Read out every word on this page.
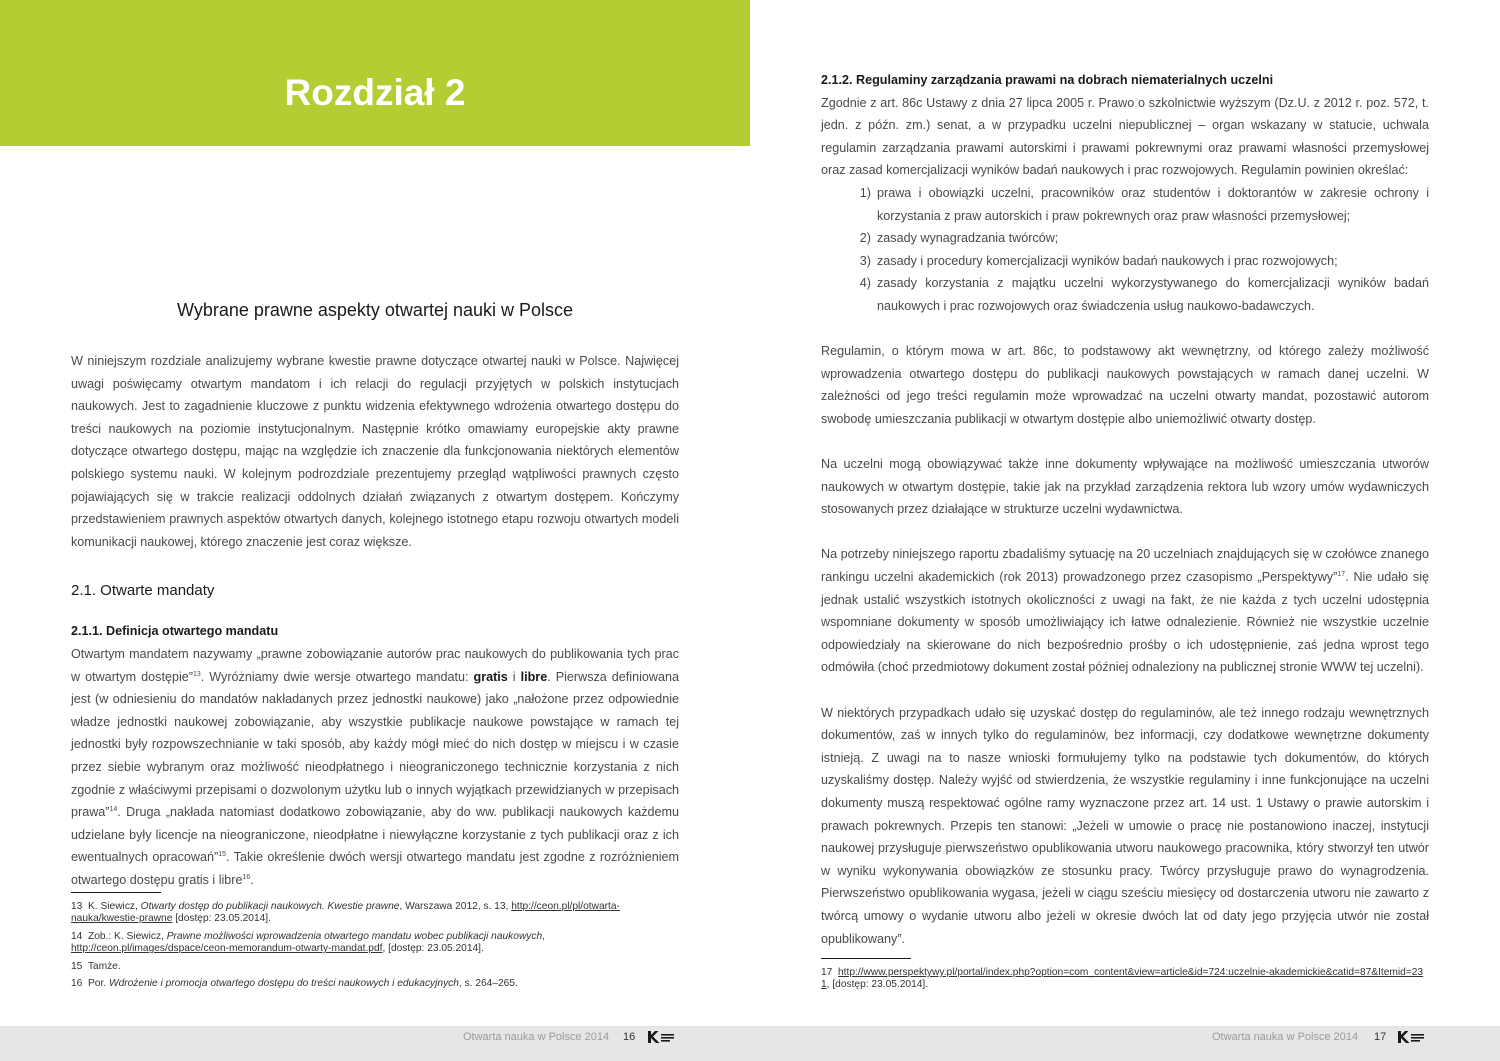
Rozdział 2
Wybrane prawne aspekty otwartej nauki w Polsce

W niniejszym rozdziale analizujemy wybrane kwestie prawne dotyczące otwartej nauki w Polsce. Najwięcej uwagi poświęcamy otwartym mandatom i ich relacji do regulacji przyjętych w polskich instytucjach naukowych. Jest to zagadnienie kluczowe z punktu widzenia efektywnego wdrożenia otwartego dostępu do treści naukowych na poziomie instytucjonalnym. Następnie krótko omawiamy europejskie akty prawne dotyczące otwartego dostępu, mając na względzie ich znaczenie dla funkcjonowania niektórych elementów polskiego systemu nauki. W kolejnym podrozdziale prezentujemy przegląd wątpliwości prawnych często pojawiających się w trakcie realizacji oddolnych działań związanych z otwartym dostępem. Kończymy przedstawieniem prawnych aspektów otwartych danych, kolejnego istotnego etapu rozwoju otwartych modeli komunikacji naukowej, którego znaczenie jest coraz większe.

2.1. Otwarte mandaty
2.1.1. Definicja otwartego mandatu

Otwartym mandatem nazywamy „prawne zobowiązanie autorów prac naukowych do publikowania tych prac w otwartym dostępie”$^{13}$. Wyróżniamy dwie wersje otwartego mandatu: gratis i libre. Pierwsza definiowana jest (w odniesieniu do mandatów nakładanych przez jednostki naukowe) jako „nałożone przez odpowiednie władze jednostki naukowej zobowiązanie, aby wszystkie publikacje naukowe powstające w ramach tej jednostki były rozpowszechnianie w taki sposób, aby każdy mógł mieć do nich dostęp w miejscu i w czasie przez siebie wybranym oraz możliwość nieodpłatnego i nieograniczonego technicznie korzystania z nich zgodnie z właściwymi przepisami o dozwolonym użytku lub o innych wyjątkach przewidzianych w przepisach prawa”$^{14}$. Druga „nakłada natomiast dodatkowo zobowiązanie, aby do ww. publikacji naukowych każdemu udzielane były licencje na nieograniczone, nieodpłatne i niewyłączne korzystanie z tych publikacji oraz z ich ewentualnych opracowań”$^{15}$. Takie określenie dwóch wersji otwartego mandatu jest zgodne z rozróżnieniem otwartego dostępu gratis i libre$^{16}$.

13 K. Siewicz, Otwarty dostęp do publikacji naukowych. Kwestie prawne, Warszawa 2012, s. 13, http://ceon.pl/pl/otwarta-nauka/kwestie-prawne [dostęp: 23.05.2014].
14 Zob.: K. Siewicz, Prawne możliwości wprowadzenia otwartego mandatu wobec publikacji naukowych, http://ceon.pl/images/dspace/ceon-memorandum-otwarty-mandat.pdf, [dostęp: 23.05.2014].
15 Tamże.
16 Por. Wdrożenie i promocja otwartego dostępu do treści naukowych i edukacyjnych, s. 264–265.
Otwarta nauka w Polsce 2014 16
2.1.2. Regulaminy zarządzania prawami na dobrach niematerialnych uczelni

Zgodnie z art. 86c Ustawy z dnia 27 lipca 2005 r. Prawo o szkolnictwie wyższym (Dz.U. z 2012 r. poz. 572, t. jedn. z późn. zm.) senat, a w przypadku uczelni niepublicznej – organ wskazany w statucie, uchwala regulamin zarządzania prawami autorskimi i prawami pokrewnymi oraz prawami własności przemysłowej oraz zasad komercjalizacji wyników badań naukowych i prac rozwojowych. Regulamin powinien określać:

1) prawa i obowiązki uczelni, pracowników oraz studentów i doktorantów w zakresie ochrony i korzystania z praw autorskich i praw pokrewnych oraz praw własności przemysłowej;
2) zasady wynagradzania twórców;
3) zasady i procedury komercjalizacji wyników badań naukowych i prac rozwojowych;
4) zasady korzystania z majątku uczelni wykorzystywanego do komercjalizacji wyników badań naukowych i prac rozwojowych oraz świadczenia usług naukowo-badawczych.

Regulamin, o którym mowa w art. 86c, to podstawowy akt wewnętrzny, od którego zależy możliwość wprowadzenia otwartego dostępu do publikacji naukowych powstających w ramach danej uczelni. W zależności od jego treści regulamin może wprowadzać na uczelni otwarty mandat, pozostawić autorom swobodę umieszczania publikacji w otwartym dostępie albo uniemożliwić otwarty dostęp.

Na uczelni mogą obowiązywać także inne dokumenty wpływające na możliwość umieszczania utworów naukowych w otwartym dostępie, takie jak na przykład zarządzenia rektora lub wzory umów wydawniczych stosowanych przez działające w strukturze uczelni wydawnictwa.

Na potrzeby niniejszego raportu zbadaliśmy sytuację na 20 uczelniach znajdujących się w czołówce znanego rankingu uczelni akademickich (rok 2013) prowadzonego przez czasopismo „Perspektywy”$^{17}$. Nie udało się jednak ustalić wszystkich istotnych okoliczności z uwagi na fakt, że nie każda z tych uczelni udostępnia wspomniane dokumenty w sposób umożliwiający ich łatwe odnalezienie. Również nie wszystkie uczelnie odpowiedziały na skierowane do nich bezpośrednio prośby o ich udostępnienie, zaś jedna wprost tego odmówiła (choć przedmiotowy dokument został później odnaleziony na publicznej stronie WWW tej uczelni).

W niektórych przypadkach udało się uzyskać dostęp do regulaminów, ale też innego rodzaju wewnętrznych dokumentów, zaś w innych tylko do regulaminów, bez informacji, czy dodatkowe wewnętrzne dokumenty istnieją. Z uwagi na to nasze wnioski formułujemy tylko na podstawie tych dokumentów, do których uzyskaliśmy dostęp. Należy wyjść od stwierdzenia, że wszystkie regulaminy i inne funkcjonujące na uczelni dokumenty muszą respektować ogólne ramy wyznaczone przez art. 14 ust. 1 Ustawy o prawie autorskim i prawach pokrewnych. Przepis ten stanowi: „Jeżeli w umowie o pracę nie postanowiono inaczej, instytucji naukowej przysługuje pierwszeństwo opublikowania utworu naukowego pracownika, który stworzył ten utwór w wyniku wykonywania obowiązków ze stosunku pracy. Twórcy przysługuje prawo do wynagrodzenia. Pierwszeństwo opublikowania wygasa, jeżeli w ciągu sześciu miesięcy od dostarczenia utworu nie zawarto z twórcą umowy o wydanie utworu albo jeżeli w okresie dwóch lat od daty jego przyjęcia utwór nie został opublikowany”.

17 http://www.perspektywy.pl/portal/index.php?option=com_content&view=article&id=724:uczelnie-akademickie&catid=87&Itemid=231, [dostęp: 23.05.2014].
Otwarta nauka w Polsce 2014 17
